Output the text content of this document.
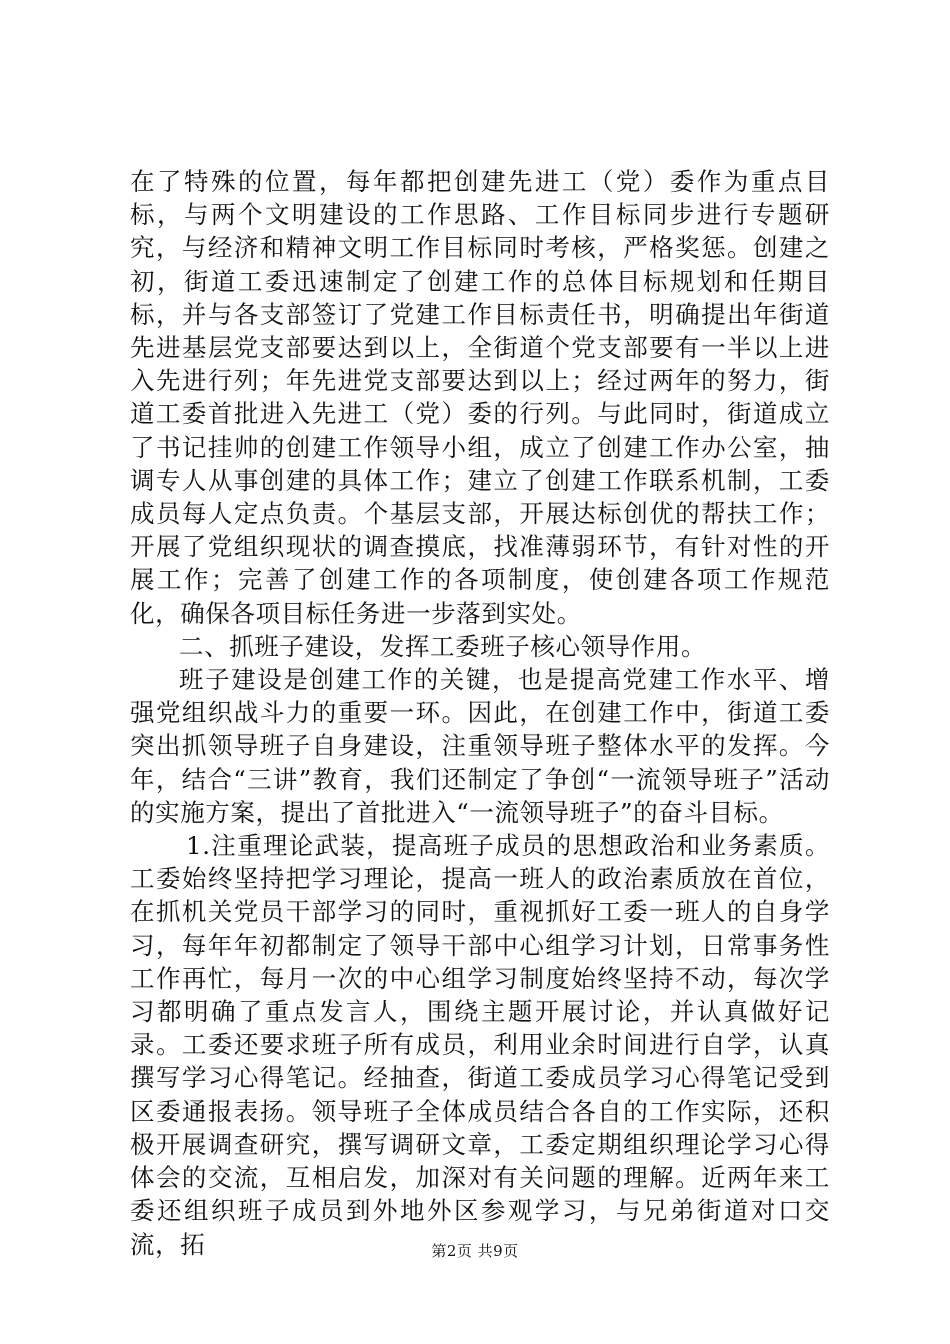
在了特殊的位置，每年都把创建先进工（党）委作为重点目标，与两个文明建设的工作思路、工作目标同步进行专题研究，与经济和精神文明工作目标同时考核，严格奖惩。创建之初，街道工委迅速制定了创建工作的总体目标规划和任期目标，并与各支部签订了党建工作目标责任书，明确提出年街道先进基层党支部要达到以上，全街道个党支部要有一半以上进入先进行列；年先进党支部要达到以上；经过两年的努力，街道工委首批进入先进工（党）委的行列。与此同时，街道成立了书记挂帅的创建工作领导小组，成立了创建工作办公室，抽调专人从事创建的具体工作；建立了创建工作联系机制，工委成员每人定点负责。个基层支部，开展达标创优的帮扶工作；开展了党组织现状的调查摸底，找准薄弱环节，有针对性的开展工作；完善了创建工作的各项制度，使创建各项工作规范化，确保各项目标任务进一步落到实处。

二、抓班子建设，发挥工委班子核心领导作用。

班子建设是创建工作的关键，也是提高党建工作水平、增强党组织战斗力的重要一环。因此，在创建工作中，街道工委突出抓领导班子自身建设，注重领导班子整体水平的发挥。今年，结合“三讲”教育，我们还制定了争创“一流领导班子”活动的实施方案，提出了首批进入“一流领导班子”的奋斗目标。

1.注重理论武装，提高班子成员的思想政治和业务素质。工委始终坚持把学习理论，提高一班人的政治素质放在首位，在抓机关党员干部学习的同时，重视抓好工委一班人的自身学习，每年年初都制定了领导干部中心组学习计划，日常事务性工作再忙，每月一次的中心组学习制度始终坚持不动，每次学习都明确了重点发言人，围绕主题开展讨论，并认真做好记录。工委还要求班子所有成员，利用业余时间进行自学，认真撰写学习心得笔记。经抽查，街道工委成员学习心得笔记受到区委通报表扬。领导班子全体成员结合各自的工作实际，还积极开展调查研究，撰写调研文章，工委定期组织理论学习心得体会的交流，互相启发，加深对有关问题的理解。近两年来工委还组织班子成员到外地外区参观学习，与兄弟街道对口交流，拓	第2页 共9页
